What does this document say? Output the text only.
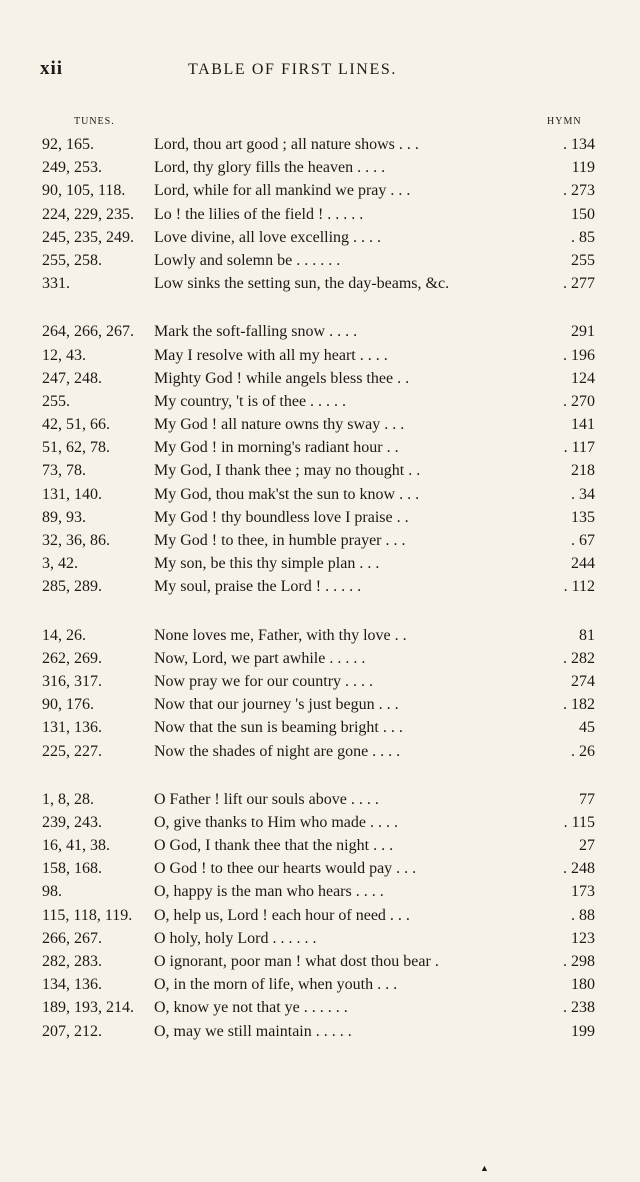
xii	TABLE OF FIRST LINES.
TUNES.	HYMN
92, 165.	Lord, thou art good ; all nature shows . . .	. 134
249, 253.	Lord, thy glory fills the heaven . . . .	119
90, 105, 118. Lord, while for all mankind we pray . . .	. 273
224, 229, 235. Lo ! the lilies of the field ! . . . . .	150
245, 235, 249. Love divine, all love excelling . . . .	. 85
255, 258.	Lowly and solemn be . . . . . .	255
331.	Low sinks the setting sun, the day-beams, &c.	. 277
264, 266, 267. Mark the soft-falling snow . . . .	291
12, 43.	May I resolve with all my heart . . . .	. 196
247, 248.	Mighty God ! while angels bless thee . .	124
255.	My country, 't is of thee . . . . .	. 270
42, 51, 66.	My God ! all nature owns thy sway . . .	141
51, 62, 78.	My God ! in morning's radiant hour . .	. 117
73, 78.	My God, I thank thee ; may no thought . .	218
131, 140.	My God, thou mak'st the sun to know . . .	. 34
89, 93.	My God ! thy boundless love I praise . .	135
32, 36, 86.	My God ! to thee, in humble prayer . . .	. 67
3, 42.	My son, be this thy simple plan . . .	244
285, 289.	My soul, praise the Lord ! . . . . .	. 112
14, 26.	None loves me, Father, with thy love . .	81
262, 269.	Now, Lord, we part awhile . . . . .	. 282
316, 317.	Now pray we for our country . . . .	274
90, 176.	Now that our journey 's just begun . . .	. 182
131, 136.	Now that the sun is beaming bright . . .	45
225, 227.	Now the shades of night are gone . . . .	. 26
1, 8, 28.	O Father ! lift our souls above . . . .	77
239, 243.	O, give thanks to Him who made . . . .	. 115
16, 41, 38.	O God, I thank thee that the night . . .	27
158, 168.	O God ! to thee our hearts would pay . . .	. 248
98.	O, happy is the man who hears . . . .	173
115, 118, 119. O, help us, Lord ! each hour of need . . .	. 88
266, 267.	O holy, holy Lord . . . . . .	123
282, 283.	O ignorant, poor man ! what dost thou bear .	. 298
134, 136.	O, in the morn of life, when youth . . .	180
189, 193, 214. O, know ye not that ye . . . . . .	. 238
207, 212.	O, may we still maintain . . . . .	199
▲
